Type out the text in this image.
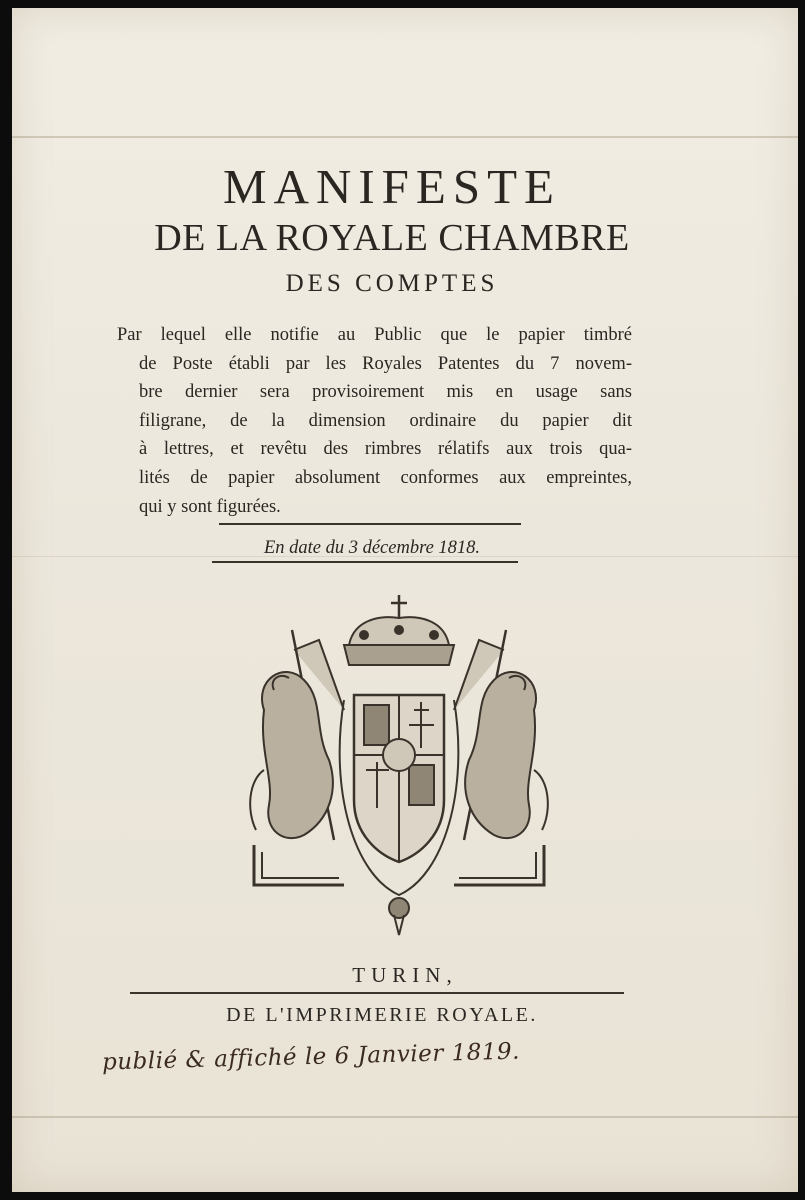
MANIFESTE
DE LA ROYALE CHAMBRE
DES COMPTES
Par lequel elle notifie au Public que le papier timbré
de Poste établi par les Royales Patentes du 7 novem-
bre dernier sera provisoirement mis en usage sans
filigrane, de la dimension ordinaire du papier dit
à lettres, et revêtu des rimbres rélatifs aux trois qua-
lités de papier absolument conformes aux empreintes,
qui y sont figurées.
En date du 3 décembre 1818.
TURIN,
DE L'IMPRIMERIE ROYALE.
publié & affiché le 6 Janvier 1819.
